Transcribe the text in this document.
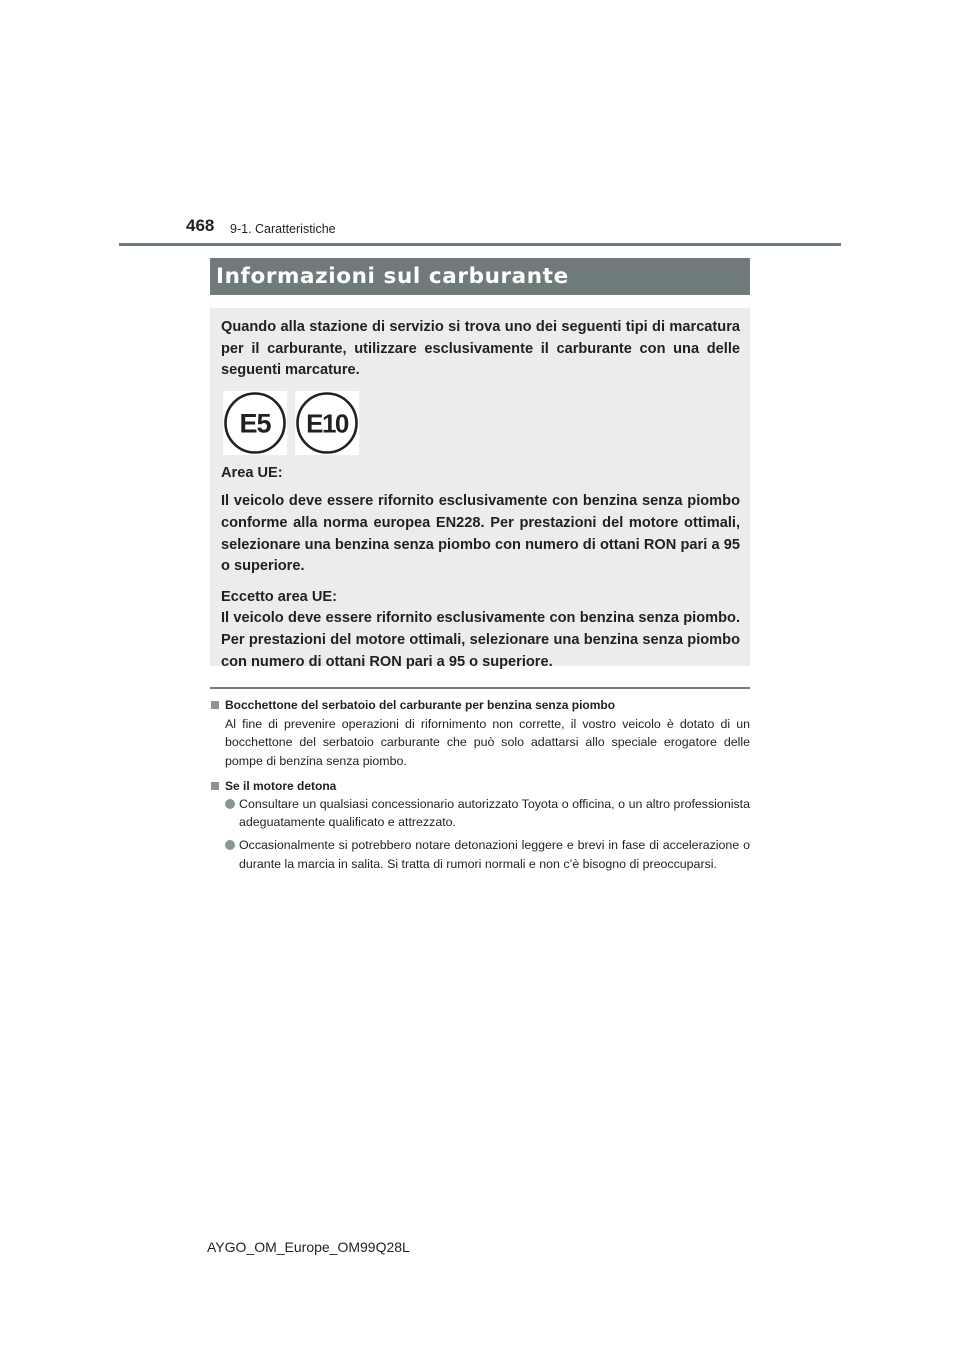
468 9-1. Caratteristiche
Informazioni sul carburante

Quando alla stazione di servizio si trova uno dei seguenti tipi di marcatura per il carburante, utilizzare esclusivamente il carburante con una delle seguenti marcature.

E5 E10

Area UE:

Il veicolo deve essere rifornito esclusivamente con benzina senza piombo conforme alla norma europea EN228. Per prestazioni del motore ottimali, selezionare una benzina senza piombo con numero di ottani RON pari a 95 o superiore.

Eccetto area UE:

Il veicolo deve essere rifornito esclusivamente con benzina senza piombo. Per prestazioni del motore ottimali, selezionare una benzina senza piombo con numero di ottani RON pari a 95 o superiore.

Bocchettone del serbatoio del carburante per benzina senza piombo
Al fine di prevenire operazioni di rifornimento non corrette, il vostro veicolo è dotato di un bocchettone del serbatoio carburante che può solo adattarsi allo speciale erogatore delle pompe di benzina senza piombo.
Se il motore detona
Consultare un qualsiasi concessionario autorizzato Toyota o officina, o un altro professionista adeguatamente qualificato e attrezzato.
Occasionalmente si potrebbero notare detonazioni leggere e brevi in fase di accelerazione o durante la marcia in salita. Si tratta di rumori normali e non c’è bisogno di preoccuparsi.
AYGO_OM_Europe_OM99Q28L
